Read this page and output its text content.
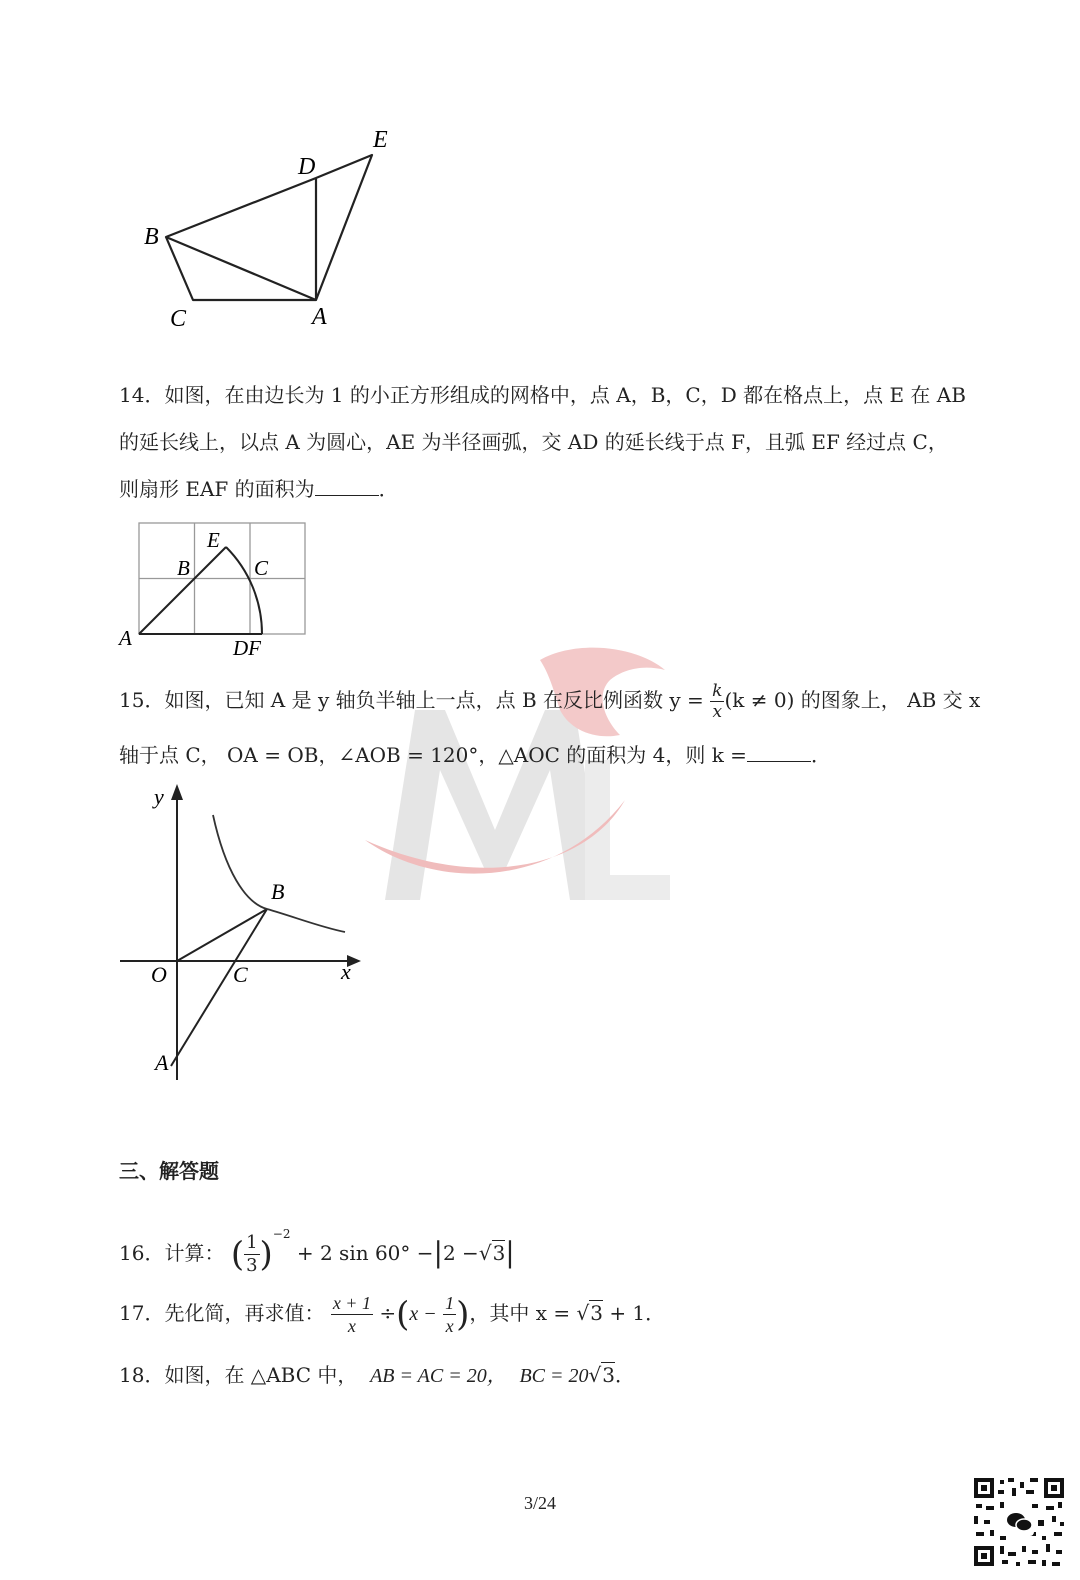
B
C	A
D
E
14．如图，在由边长为 1 的小正方形组成的网格中，点 A，B，C，D 都在格点上，点 E 在 AB
的延长线上，以点 A 为圆心，AE 为半径画弧，交 AD 的延长线于点 F，且弧 EF 经过点 C，
则扇形 EAF 的面积为	．
E
B	C
A	DF
15．如图，已知 A 是 y 轴负半轴上一点，点 B 在反比例函数 $y = \frac{k}{x} (k \ne 0)$ 的图象上， AB 交 x
轴于点 C， OA = OB，∠AOB = 120°，△AOC 的面积为 4，则 k =	．
y
x
O	C
B
A
三、解答题
16．计算： ( $\frac{1}{3} )^{-2} + 2$ sin 60° −|2 −√3|
17．先化简，再求值： $\frac{x + 1}{x} \div(x - \frac{1}{x}$ )，其中 x = √3 + 1．
18．如图，在 △ABC 中， AB = AC = 20， BC = 20√3．
3/24
